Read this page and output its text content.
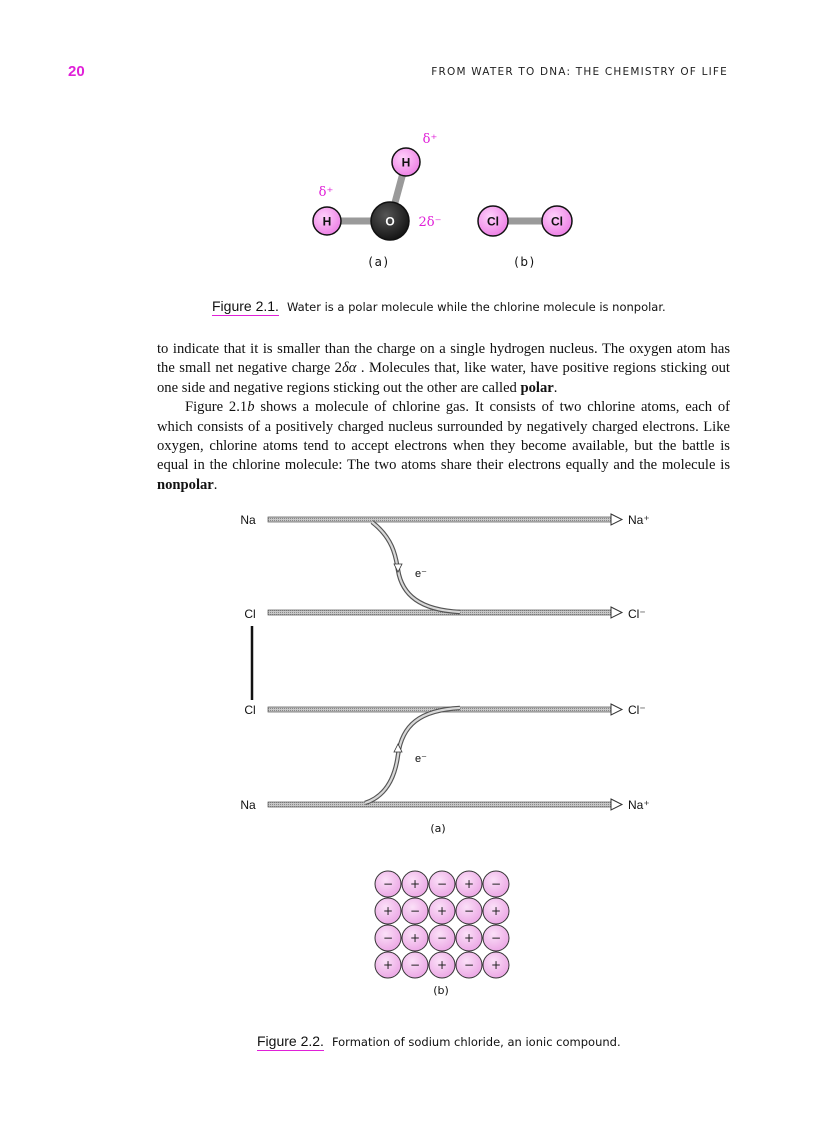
20	FROM WATER TO DNA: THE CHEMISTRY OF LIFE
H	O
H
Cl	Cl
δ⁺
δ⁺
2δ⁻
(a)	(b)
Figure 2.1. Water is a polar molecule while the chlorine molecule is nonpolar.

to indicate that it is smaller than the charge on a single hydrogen nucleus. The oxygen atom has the small net negative charge 2δα . Molecules that, like water, have positive regions sticking out one side and negative regions sticking out the other are called polar.

Figure 2.1b shows a molecule of chlorine gas. It consists of two chlorine atoms, each of which consists of a positively charged nucleus surrounded by negatively charged electrons. Like oxygen, chlorine atoms tend to accept electrons when they become available, but the battle is equal in the chlorine molecule: The two atoms share their electrons equally and the molecule is nonpolar.

Na
Cl
Cl
Na
Na⁺
Cl⁻
Cl⁻
Na⁺
e⁻
e⁻
(a)
− + − + −
+ − + − +
− + − + −
+ − + − +
(b)
Figure 2.2. Formation of sodium chloride, an ionic compound.
